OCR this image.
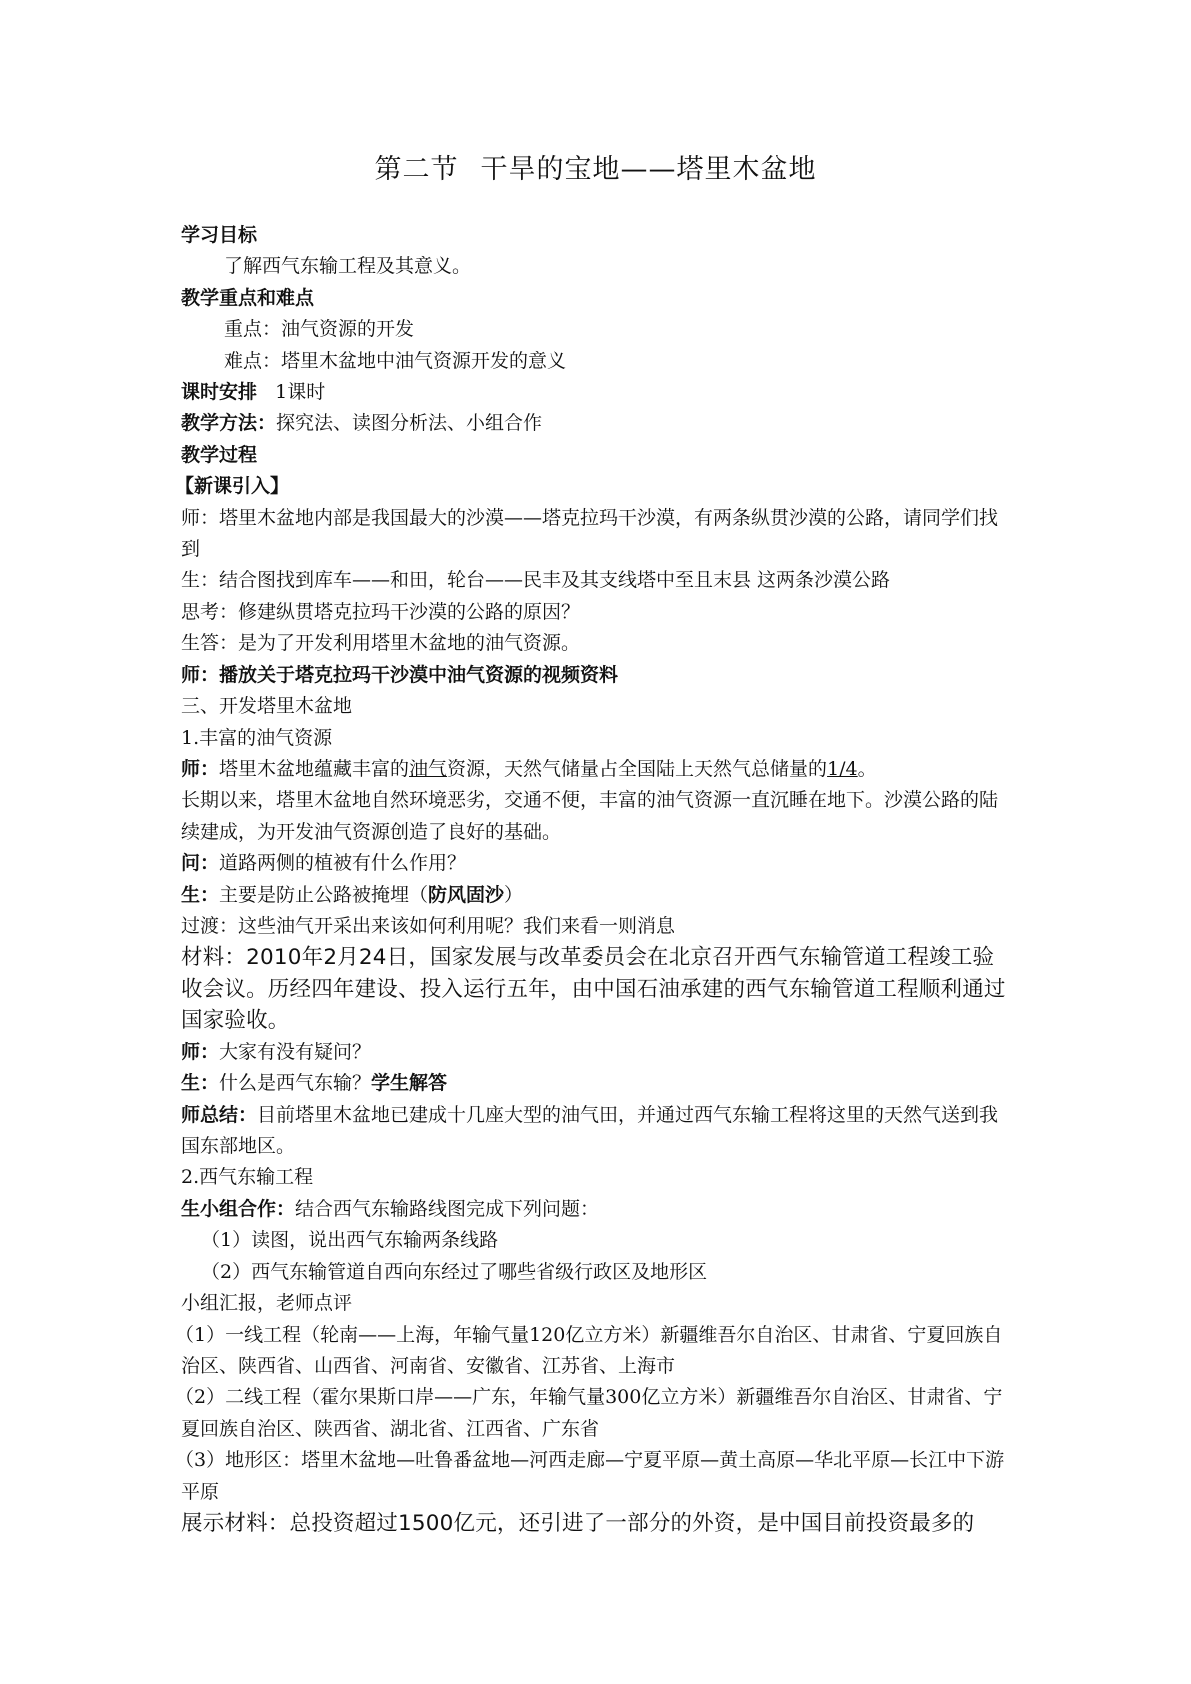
第二节 干旱的宝地——塔里木盆地

学习目标

了解西气东输工程及其意义。

教学重点和难点

重点：油气资源的开发

难点：塔里木盆地中油气资源开发的意义

课时安排 1课时

教学方法：探究法、读图分析法、小组合作

教学过程

【新课引入】

师：塔里木盆地内部是我国最大的沙漠——塔克拉玛干沙漠，有两条纵贯沙漠的公路，请同学们找到

生：结合图找到库车——和田，轮台——民丰及其支线塔中至且末县 这两条沙漠公路

思考：修建纵贯塔克拉玛干沙漠的公路的原因？

生答：是为了开发利用塔里木盆地的油气资源。

师：播放关于塔克拉玛干沙漠中油气资源的视频资料

三、开发塔里木盆地

1.丰富的油气资源

师：塔里木盆地蕴藏丰富的油气资源，天然气储量占全国陆上天然气总储量的1/4。

长期以来，塔里木盆地自然环境恶劣，交通不便，丰富的油气资源一直沉睡在地下。沙漠公路的陆续建成，为开发油气资源创造了良好的基础。

问：道路两侧的植被有什么作用？

生：主要是防止公路被掩埋（防风固沙）

过渡：这些油气开采出来该如何利用呢？我们来看一则消息

材料：2010年2月24日，国家发展与改革委员会在北京召开西气东输管道工程竣工验收会议。历经四年建设、投入运行五年，由中国石油承建的西气东输管道工程顺利通过国家验收。

师：大家有没有疑问？

生：什么是西气东输？学生解答

师总结：目前塔里木盆地已建成十几座大型的油气田，并通过西气东输工程将这里的天然气送到我国东部地区。

2.西气东输工程

生小组合作：结合西气东输路线图完成下列问题：

（1）读图，说出西气东输两条线路

（2）西气东输管道自西向东经过了哪些省级行政区及地形区

小组汇报，老师点评

（1）一线工程（轮南——上海，年输气量120亿立方米）新疆维吾尔自治区、甘肃省、宁夏回族自治区、陕西省、山西省、河南省、安徽省、江苏省、上海市

（2）二线工程（霍尔果斯口岸——广东，年输气量300亿立方米）新疆维吾尔自治区、甘肃省、宁夏回族自治区、陕西省、湖北省、江西省、广东省

（3）地形区：塔里木盆地—吐鲁番盆地—河西走廊—宁夏平原—黄土高原—华北平原—长江中下游平原

展示材料：总投资超过1500亿元，还引进了一部分的外资，是中国目前投资最多的
